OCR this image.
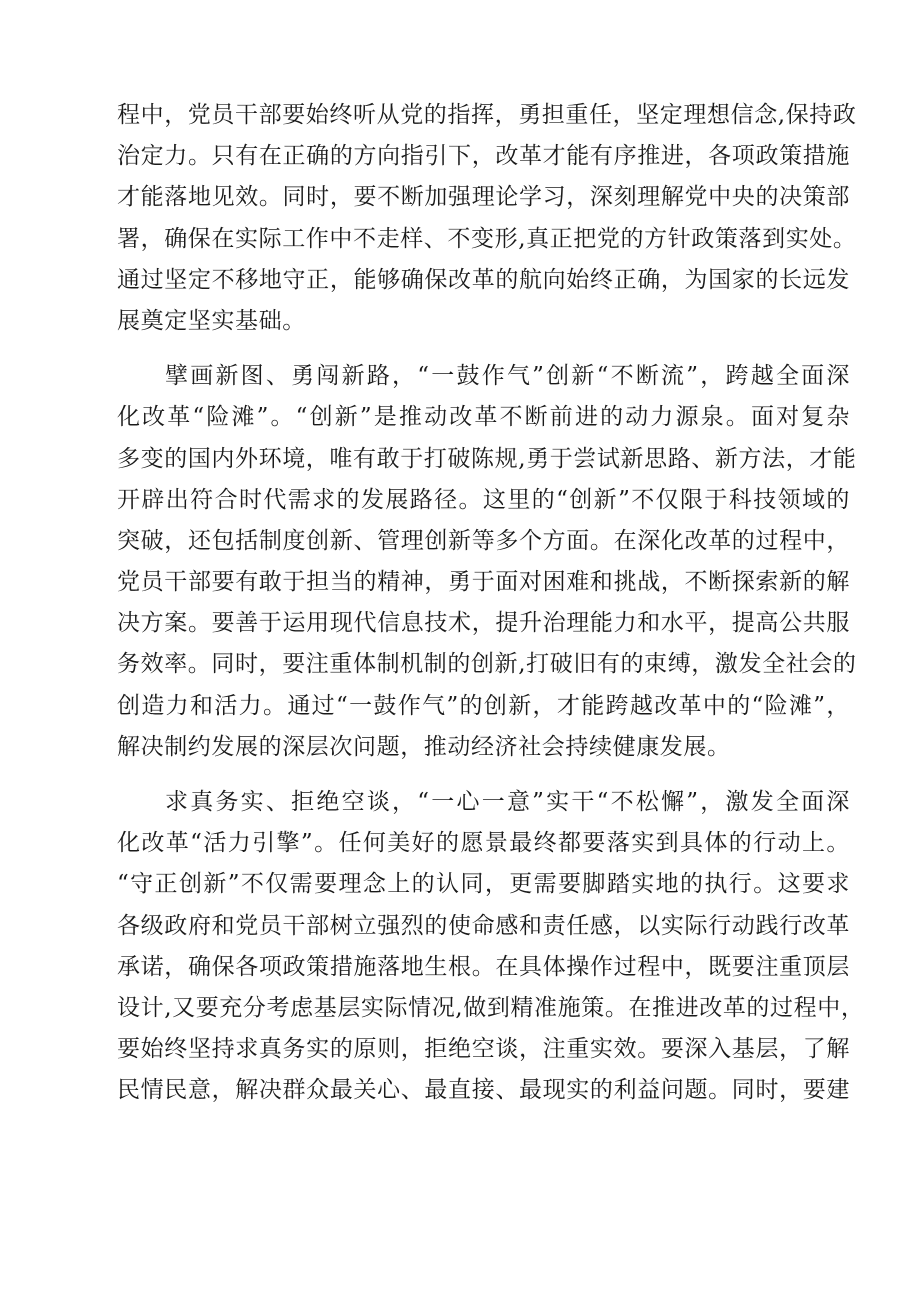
程中，党员干部要始终听从党的指挥，勇担重任，坚定理想信念,保持政
治定力。只有在正确的方向指引下，改革才能有序推进，各项政策措施
才能落地见效。同时，要不断加强理论学习，深刻理解党中央的决策部
署，确保在实际工作中不走样、不变形,真正把党的方针政策落到实处。
通过坚定不移地守正，能够确保改革的航向始终正确，为国家的长远发
展奠定坚实基础。
擘画新图、勇闯新路，“一鼓作气”创新“不断流”，跨越全面深
化改革“险滩”。“创新”是推动改革不断前进的动力源泉。面对复杂
多变的国内外环境，唯有敢于打破陈规,勇于尝试新思路、新方法，才能
开辟出符合时代需求的发展路径。这里的“创新”不仅限于科技领域的
突破，还包括制度创新、管理创新等多个方面。在深化改革的过程中，
党员干部要有敢于担当的精神，勇于面对困难和挑战，不断探索新的解
决方案。要善于运用现代信息技术，提升治理能力和水平，提高公共服
务效率。同时，要注重体制机制的创新,打破旧有的束缚，激发全社会的
创造力和活力。通过“一鼓作气”的创新，才能跨越改革中的“险滩”，
解决制约发展的深层次问题，推动经济社会持续健康发展。
求真务实、拒绝空谈，“一心一意”实干“不松懈”，激发全面深
化改革“活力引擎”。任何美好的愿景最终都要落实到具体的行动上。
“守正创新”不仅需要理念上的认同，更需要脚踏实地的执行。这要求
各级政府和党员干部树立强烈的使命感和责任感，以实际行动践行改革
承诺，确保各项政策措施落地生根。在具体操作过程中，既要注重顶层
设计,又要充分考虑基层实际情况,做到精准施策。在推进改革的过程中，
要始终坚持求真务实的原则，拒绝空谈，注重实效。要深入基层，了解
民情民意，解决群众最关心、最直接、最现实的利益问题。同时，要建
